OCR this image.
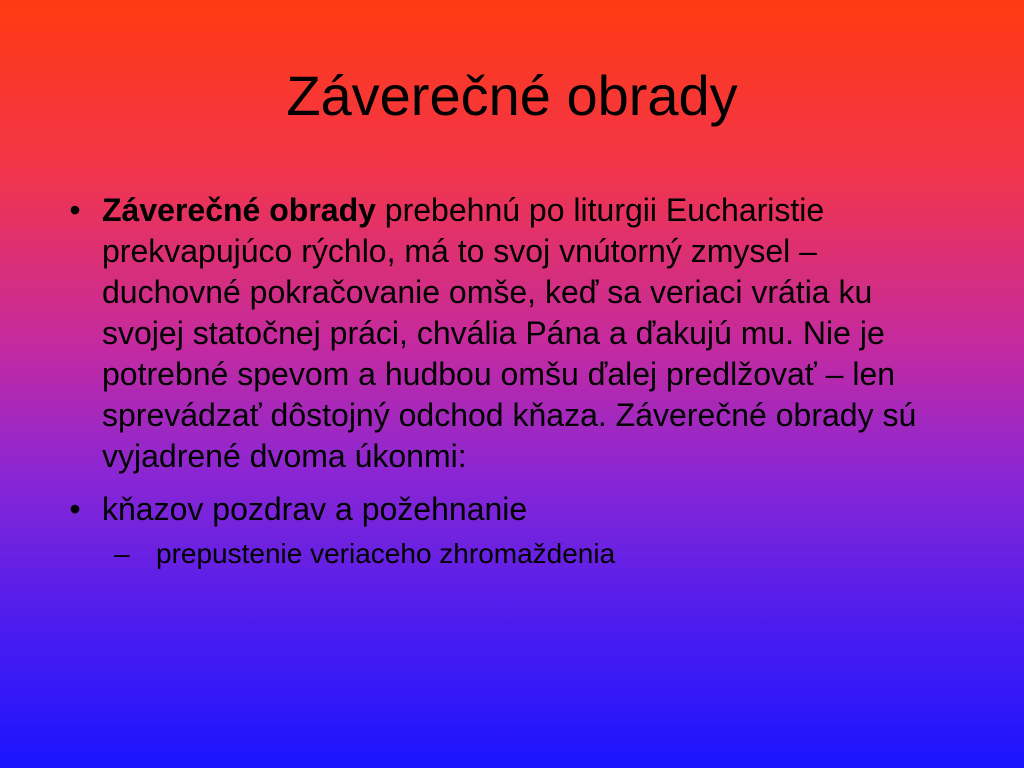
Záverečné obrady
• Záverečné obrady prebehnú po liturgii Eucharistie prekvapujúco rýchlo, má to svoj vnútorný zmysel – duchovné pokračovanie omše, keď sa veriaci vrátia ku svojej statočnej práci, chvália Pána a ďakujú mu. Nie je potrebné spevom a hudbou omšu ďalej predlžovať – len sprevádzať dôstojný odchod kňaza. Záverečné obrady sú vyjadrené dvoma úkonmi:
• kňazov pozdrav a požehnanie
– prepustenie veriaceho zhromaždenia
